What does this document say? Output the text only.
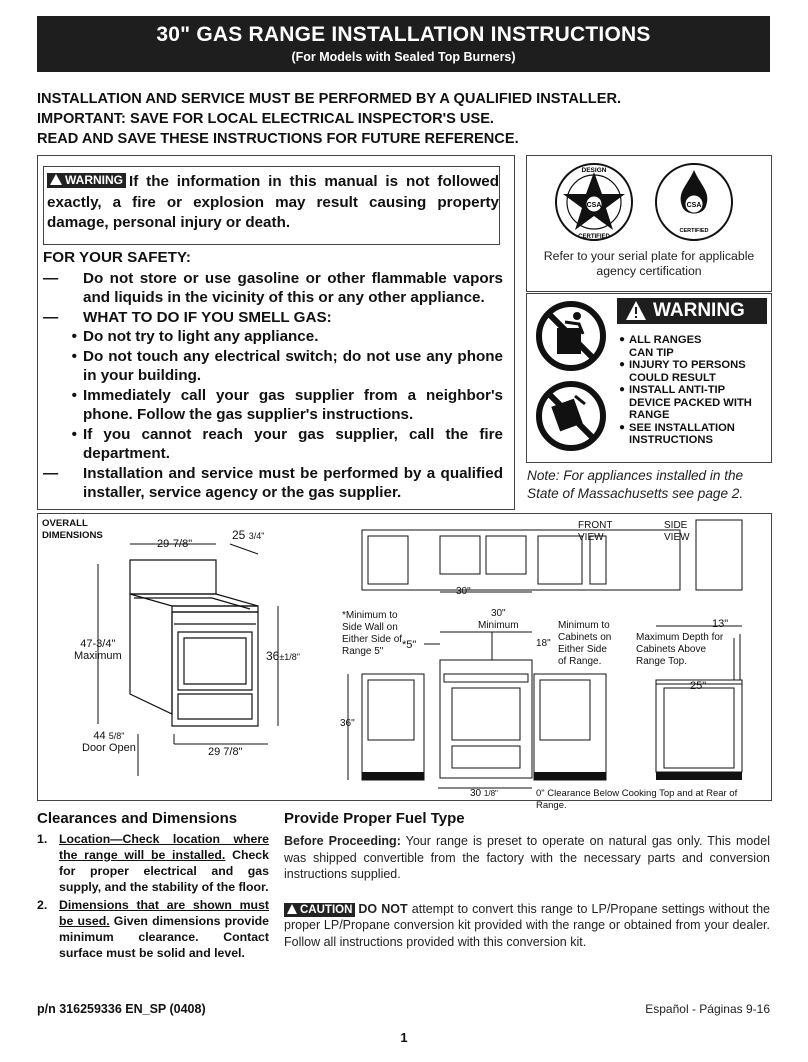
30" GAS RANGE INSTALLATION INSTRUCTIONS
(For Models with Sealed Top Burners)
INSTALLATION AND SERVICE MUST BE PERFORMED BY A QUALIFIED INSTALLER.
IMPORTANT: SAVE FOR LOCAL ELECTRICAL INSPECTOR'S USE.
READ AND SAVE THESE INSTRUCTIONS FOR FUTURE REFERENCE.
WARNING If the information in this manual is not followed exactly, a fire or explosion may result causing property damage, personal injury or death.
FOR YOUR SAFETY:
—	Do not store or use gasoline or other flammable vapors and liquids in the vicinity of this or any other appliance.
—	WHAT TO DO IF YOU SMELL GAS:
• Do not try to light any appliance.
• Do not touch any electrical switch; do not use any phone in your building.
• Immediately call your gas supplier from a neighbor's phone. Follow the gas supplier's instructions.
• If you cannot reach your gas supplier, call the fire department.
—	Installation and service must be performed by a qualified installer, service agency or the gas supplier.
CSA
DESIGN
CERTIFIED
CSA
CERTIFIED
Refer to your serial plate for applicable agency certification
WARNING
● ALL RANGES CAN TIP
● INJURY TO PERSONS COULD RESULT
● INSTALL ANTI-TIP DEVICE PACKED WITH RANGE
● SEE INSTALLATION INSTRUCTIONS
Note: For appliances installed in the State of Massachusetts see page 2.
OVERALL DIMENSIONS
29-7/8"
25 3/4"
47-3/4"
Maximum	36±1/8"
44 5/8"
Door Open	29 7/8"
FRONT VIEW
SIDE VIEW
30"
30"
Minimum
*Minimum to Side Wall on Either Side of Range 5"
*5"	18"
Minimum to Cabinets on Either Side of Range.
13"
Maximum Depth for Cabinets Above Range Top.
25"
36"
30 1/8"	0" Clearance Below Cooking Top and at Rear of Range.
Clearances and Dimensions
1. Location—Check location where the range will be installed. Check for proper electrical and gas supply, and the stability of the floor.
2. Dimensions that are shown must be used. Given dimensions provide minimum clearance. Contact surface must be solid and level.
Provide Proper Fuel Type

Before Proceeding: Your range is preset to operate on natural gas only. This model was shipped convertible from the factory with the necessary parts and conversion instructions supplied.

CAUTION DO NOT attempt to convert this range to LP/Propane settings without the proper LP/Propane conversion kit provided with the range or obtained from your dealer. Follow all instructions provided with this conversion kit.

p/n 316259336 EN_SP (0408)	Español - Páginas 9-16
1
